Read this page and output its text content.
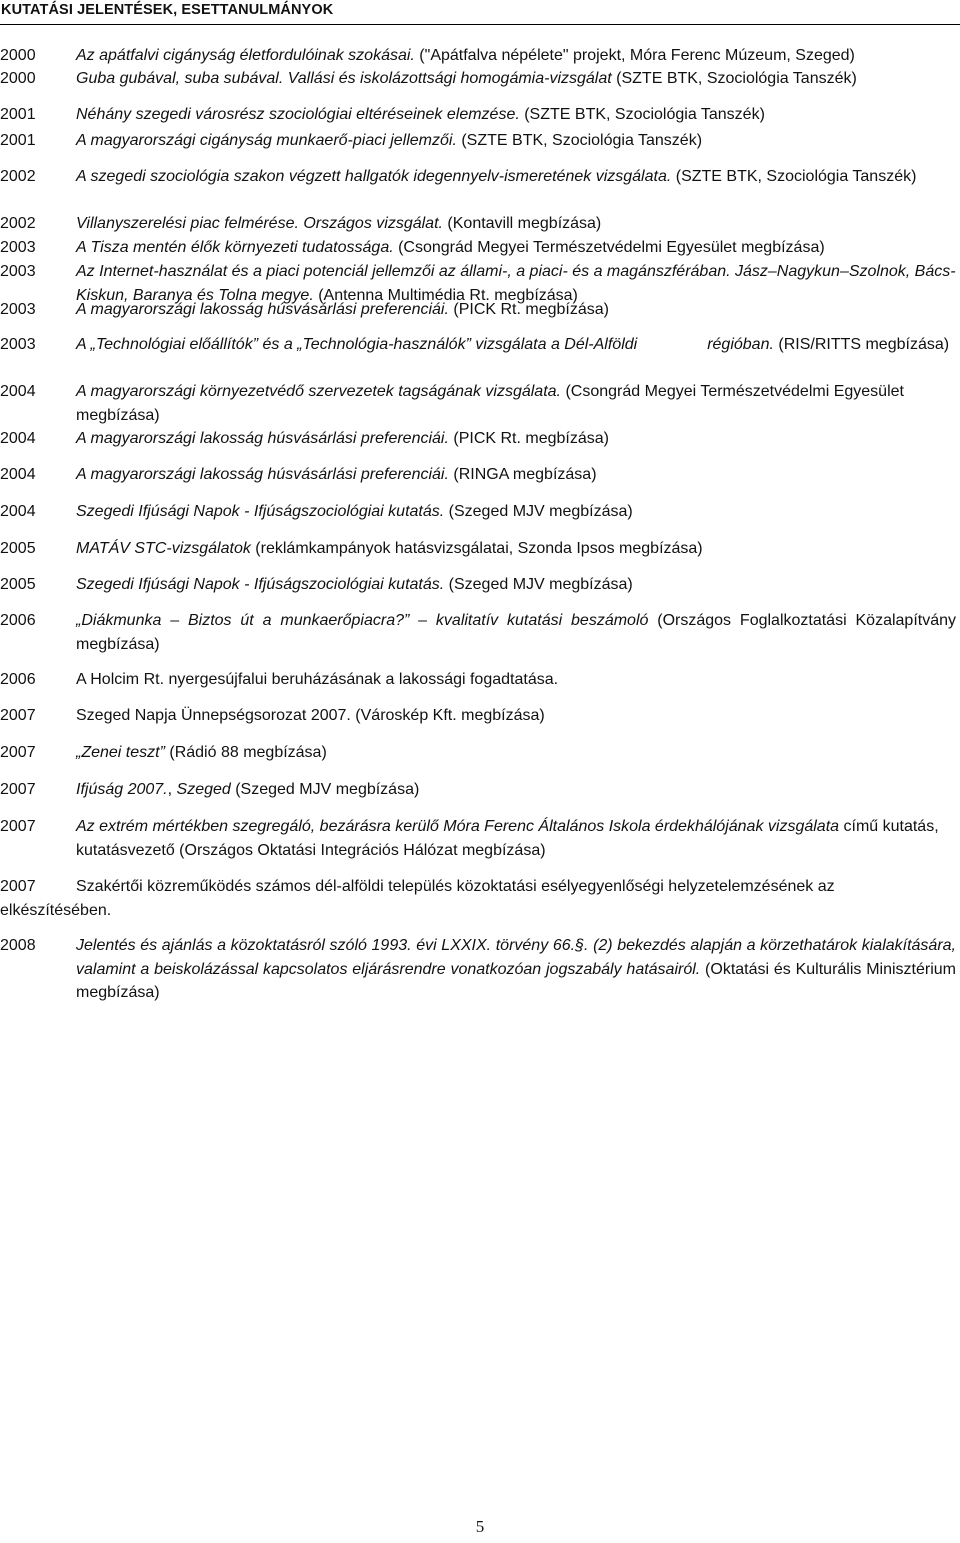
KUTATÁSI JELENTÉSEK, ESETTANULMÁNYOK
2000	Az apátfalvi cigányság életfordulóinak szokásai. ("Apátfalva népélete" projekt, Móra Ferenc Múzeum, Szeged)
2000	Guba gubával, suba subával. Vallási és iskolázottsági homogámia-vizsgálat (SZTE BTK, Szociológia Tanszék)
2001	Néhány szegedi városrész szociológiai eltéréseinek elemzése. (SZTE BTK, Szociológia Tanszék)
2001	A magyarországi cigányság munkaerő-piaci jellemzői. (SZTE BTK, Szociológia Tanszék)
2002	A szegedi szociológia szakon végzett hallgatók idegennyelv-ismeretének vizsgálata. (SZTE BTK, Szociológia Tanszék)
2002	Villanyszerelési piac felmérése. Országos vizsgálat. (Kontavill megbízása)
2003	A Tisza mentén élők környezeti tudatossága. (Csongrád Megyei Természetvédelmi Egyesület megbízása)
2003	Az Internet-használat és a piaci potenciál jellemzői az állami-, a piaci- és a magánszférában. Jász–Nagykun–Szolnok, Bács-Kiskun, Baranya és Tolna megye. (Antenna Multimédia Rt. megbízása)
2003	A magyarországi lakosság húsvásárlási preferenciái. (PICK Rt. megbízása)
2003	A „Technológiai előállítók” és a „Technológia-használók” vizsgálata a Dél-Alföldi	régióban. (RIS/RITTS megbízása)
2004	A magyarországi környezetvédő szervezetek tagságának vizsgálata. (Csongrád Megyei Természetvédelmi Egyesület megbízása)
2004	A magyarországi lakosság húsvásárlási preferenciái. (PICK Rt. megbízása)
2004	A magyarországi lakosság húsvásárlási preferenciái. (RINGA megbízása)
2004	Szegedi Ifjúsági Napok - Ifjúságszociológiai kutatás. (Szeged MJV megbízása)
2005	MATÁV STC-vizsgálatok (reklámkampányok hatásvizsgálatai, Szonda Ipsos megbízása)
2005	Szegedi Ifjúsági Napok - Ifjúságszociológiai kutatás. (Szeged MJV megbízása)
2006	„Diákmunka – Biztos út a munkaerőpiacra?” – kvalitatív kutatási beszámoló (Országos Foglalkoztatási Közalapítvány megbízása)
2006	A Holcim Rt. nyergesújfalui beruházásának a lakossági fogadtatása.
2007	Szeged Napja Ünnepségsorozat 2007. (Városkép Kft. megbízása)
2007	„Zenei teszt” (Rádió 88 megbízása)
2007	Ifjúság 2007., Szeged (Szeged MJV megbízása)
2007	Az extrém mértékben szegregáló, bezárásra kerülő Móra Ferenc Általános Iskola érdekhálójának vizsgálata című kutatás, kutatásvezető (Országos Oktatási Integrációs Hálózat megbízása)
2007	Szakértői közreműködés számos dél-alföldi település közoktatási esélyegyenlőségi helyzetelemzésének az elkészítésében.
2008	Jelentés és ajánlás a közoktatásról szóló 1993. évi LXXIX. törvény 66.§. (2) bekezdés alapján a körzethatárok kialakítására, valamint a beiskolázással kapcsolatos eljárásrendre vonatkozóan jogszabály hatásairól. (Oktatási és Kulturális Minisztérium megbízása)
5
